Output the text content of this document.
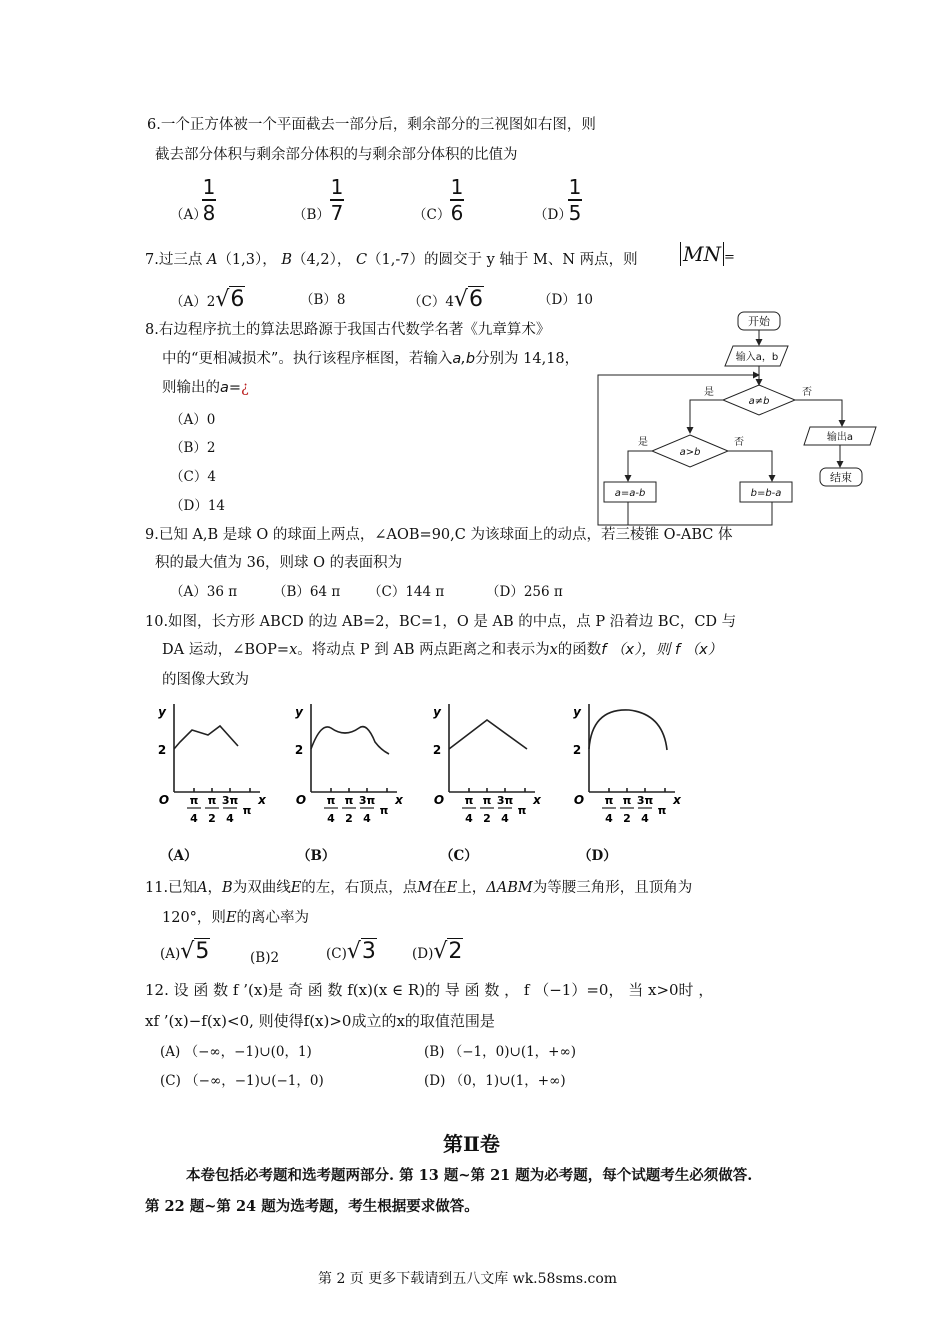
6.一个正方体被一个平面截去一部分后，剩余部分的三视图如右图，则
截去部分体积与剩余部分体积的与剩余部分体积的比值为
（A）
1
8	（B）
1
7	（C）
1
6	（D）
1
5
7.过三点 A（1,3）， B（4,2）， C（1,-7）的圆交于 y 轴于 M、N 两点，则 MN =
（A）2√6	（B）8	（C）4√6	（D）10
8.右边程序抗土的算法思路源于我国古代数学名著《九章算术》
中的“更相减损术”。执行该程序框图，若输入a,b分别为 14,18，
则输出的a=¿
（A）0
（B）2
（C）4
（D）14
开始
输入a，b
a≠b
是	否
a>b
是	否
a=a-b	b=b-a
输出a
结束
9.已知 A,B 是球 O 的球面上两点，∠AOB=90,C 为该球面上的动点，若三棱锥 O-ABC 体
积的最大值为 36，则球 O 的表面积为
（A）36 π	（B）64 π （C）144 π	（D）256 π
10.如图，长方形 ABCD 的边 AB=2，BC=1，O 是 AB 的中点，点 P 沿着边 BC，CD 与
DA 运动，∠BOP=x。将动点 P 到 AB 两点距离之和表示为x的函数f （x），则 f （x）
的图像大致为
y
2
O	x
π
4
π
2
3π
4
π
y
2
O	x
π
4
π
2
3π
4
π
y
2
O	x
π
4
π
2
3π
4
π
y
2
O	x
π
4
π
2
3π
4
π
（A）	（B）	（C）	（D）
11.已知A，B为双曲线E的左，右顶点，点M在E上，ΔABM为等腰三角形，且顶角为
120°，则E的离心率为
(A)√5	(B)2	(C)√3	(D)√2
12. 设 函 数 f ’(x)是 奇 函 数 f(x)(x ∈ R)的 导 函 数 ， f （−1）=0， 当 x>0时 ，
xf ’(x)−f(x)<0, 则使得f(x)>0成立的x的取值范围是
(A) （−∞，−1)∪(0，1)	(B) （−1，0)∪(1，+∞)
(C) （−∞，−1)∪(−1，0)	(D) （0，1)∪(1，+∞)
第Ⅱ卷
本卷包括必考题和选考题两部分. 第 13 题~第 21 题为必考题，每个试题考生必须做答.
第 22 题~第 24 题为选考题，考生根据要求做答。
第 2 页 更多下载请到五八文库 wk.58sms.com
